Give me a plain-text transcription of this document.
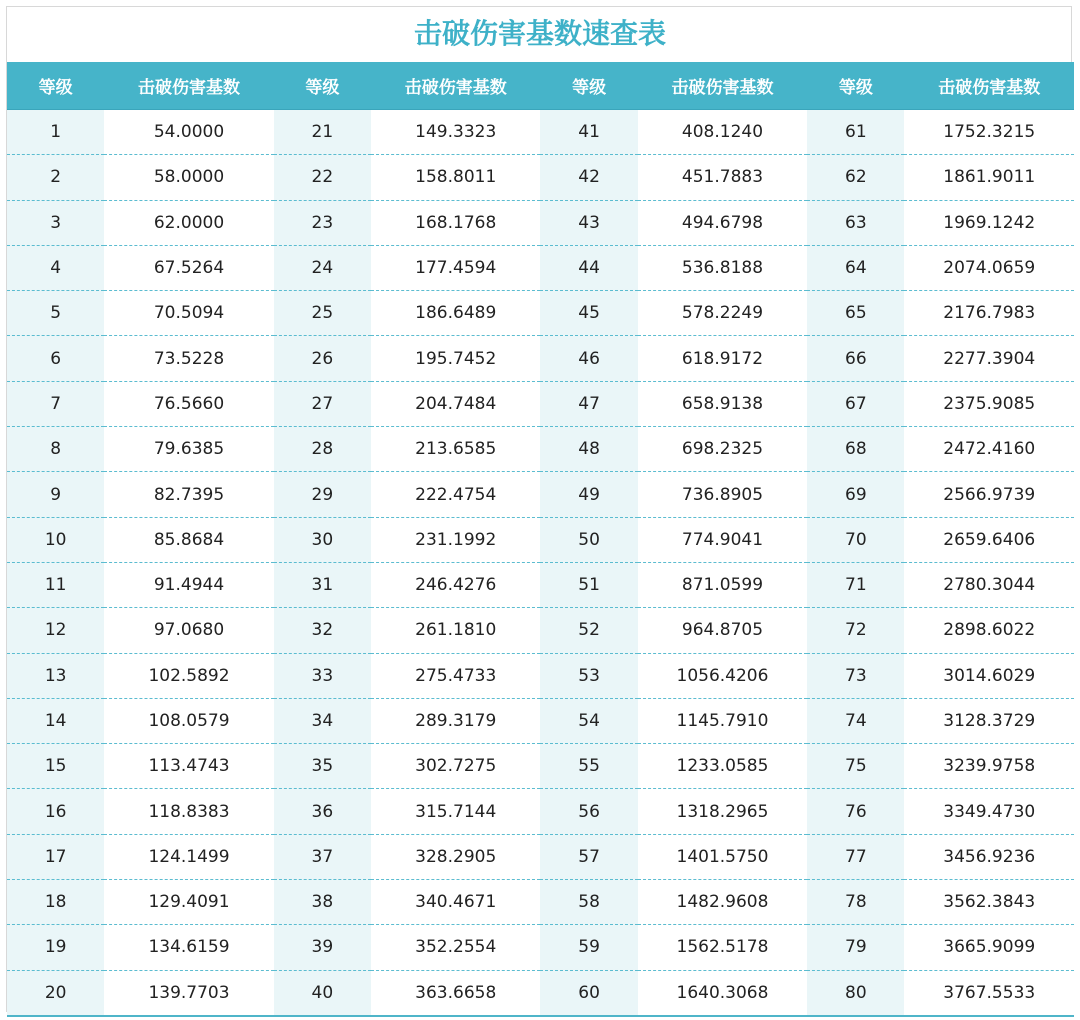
击破伤害基数速查表
等级	击破伤害基数	等级	击破伤害基数	等级	击破伤害基数	等级	击破伤害基数
1	54.0000	21	149.3323	41	408.1240	61	1752.3215
2	58.0000	22	158.8011	42	451.7883	62	1861.9011
3	62.0000	23	168.1768	43	494.6798	63	1969.1242
4	67.5264	24	177.4594	44	536.8188	64	2074.0659
5	70.5094	25	186.6489	45	578.2249	65	2176.7983
6	73.5228	26	195.7452	46	618.9172	66	2277.3904
7	76.5660	27	204.7484	47	658.9138	67	2375.9085
8	79.6385	28	213.6585	48	698.2325	68	2472.4160
9	82.7395	29	222.4754	49	736.8905	69	2566.9739
10	85.8684	30	231.1992	50	774.9041	70	2659.6406
11	91.4944	31	246.4276	51	871.0599	71	2780.3044
12	97.0680	32	261.1810	52	964.8705	72	2898.6022
13	102.5892	33	275.4733	53	1056.4206	73	3014.6029
14	108.0579	34	289.3179	54	1145.7910	74	3128.3729
15	113.4743	35	302.7275	55	1233.0585	75	3239.9758
16	118.8383	36	315.7144	56	1318.2965	76	3349.4730
17	124.1499	37	328.2905	57	1401.5750	77	3456.9236
18	129.4091	38	340.4671	58	1482.9608	78	3562.3843
19	134.6159	39	352.2554	59	1562.5178	79	3665.9099
20	139.7703	40	363.6658	60	1640.3068	80	3767.5533
